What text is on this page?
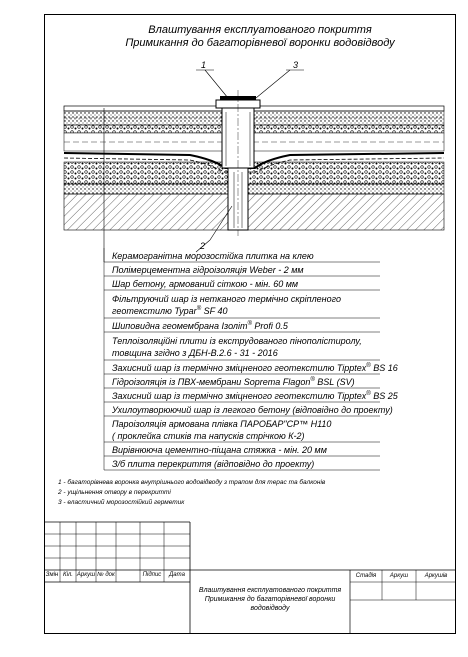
Влаштування експлуатованого покриття
Примикання до багаторівневої воронки водовідводу
1	3
2
Керамогранітна морозостійка плитка на клею
Полімерцементна гідроізоляція Weber - 2 мм
Шар бетону, армований сіткою - мін. 60 мм
Фільтруючий шар із нетканого термічно скріпленого
геотекстилю Typar® SF 40
Шиповидна геомембрана Ізоліт® Profi 0.5
Теплоізоляційні плити із екструдованого пінополістиролу,
товщина згідно з ДБН-В.2.6 - 31 - 2016
Захисний шар із термічно зміцненого геотекстилю Tipptex® BS 16
Гідроізоляція із ПВХ-мембрани Soprema Flagon® BSL (SV)
Захисний шар із термічно зміцненого геотекстилю Tipptex® BS 25
Ухилоутворюючий шар із легкого бетону (відповідно до проекту)
Пароізоляція армована плівка ПАРОБАР"СР™ Н110
( проклейка стиків та напусків стрічкою К-2)
Вирівнююча цементно-піщана стяжка - мін. 20 мм
З/б плита перекриття (відповідно до проекту)
1 - багаторівнева воронка внутрішнього водовідводу з трапом для терас та балконів
2 - ущільнення отвору в перекритті
3 - еластичний морозостійкий герметик
Змін Кіл. Аркуш № док	Підпис	Дата
Влаштування експлуатованого покриття
Примикання до багаторівневої воронки
водовідводу
Стадія	Аркуш	Аркушів
